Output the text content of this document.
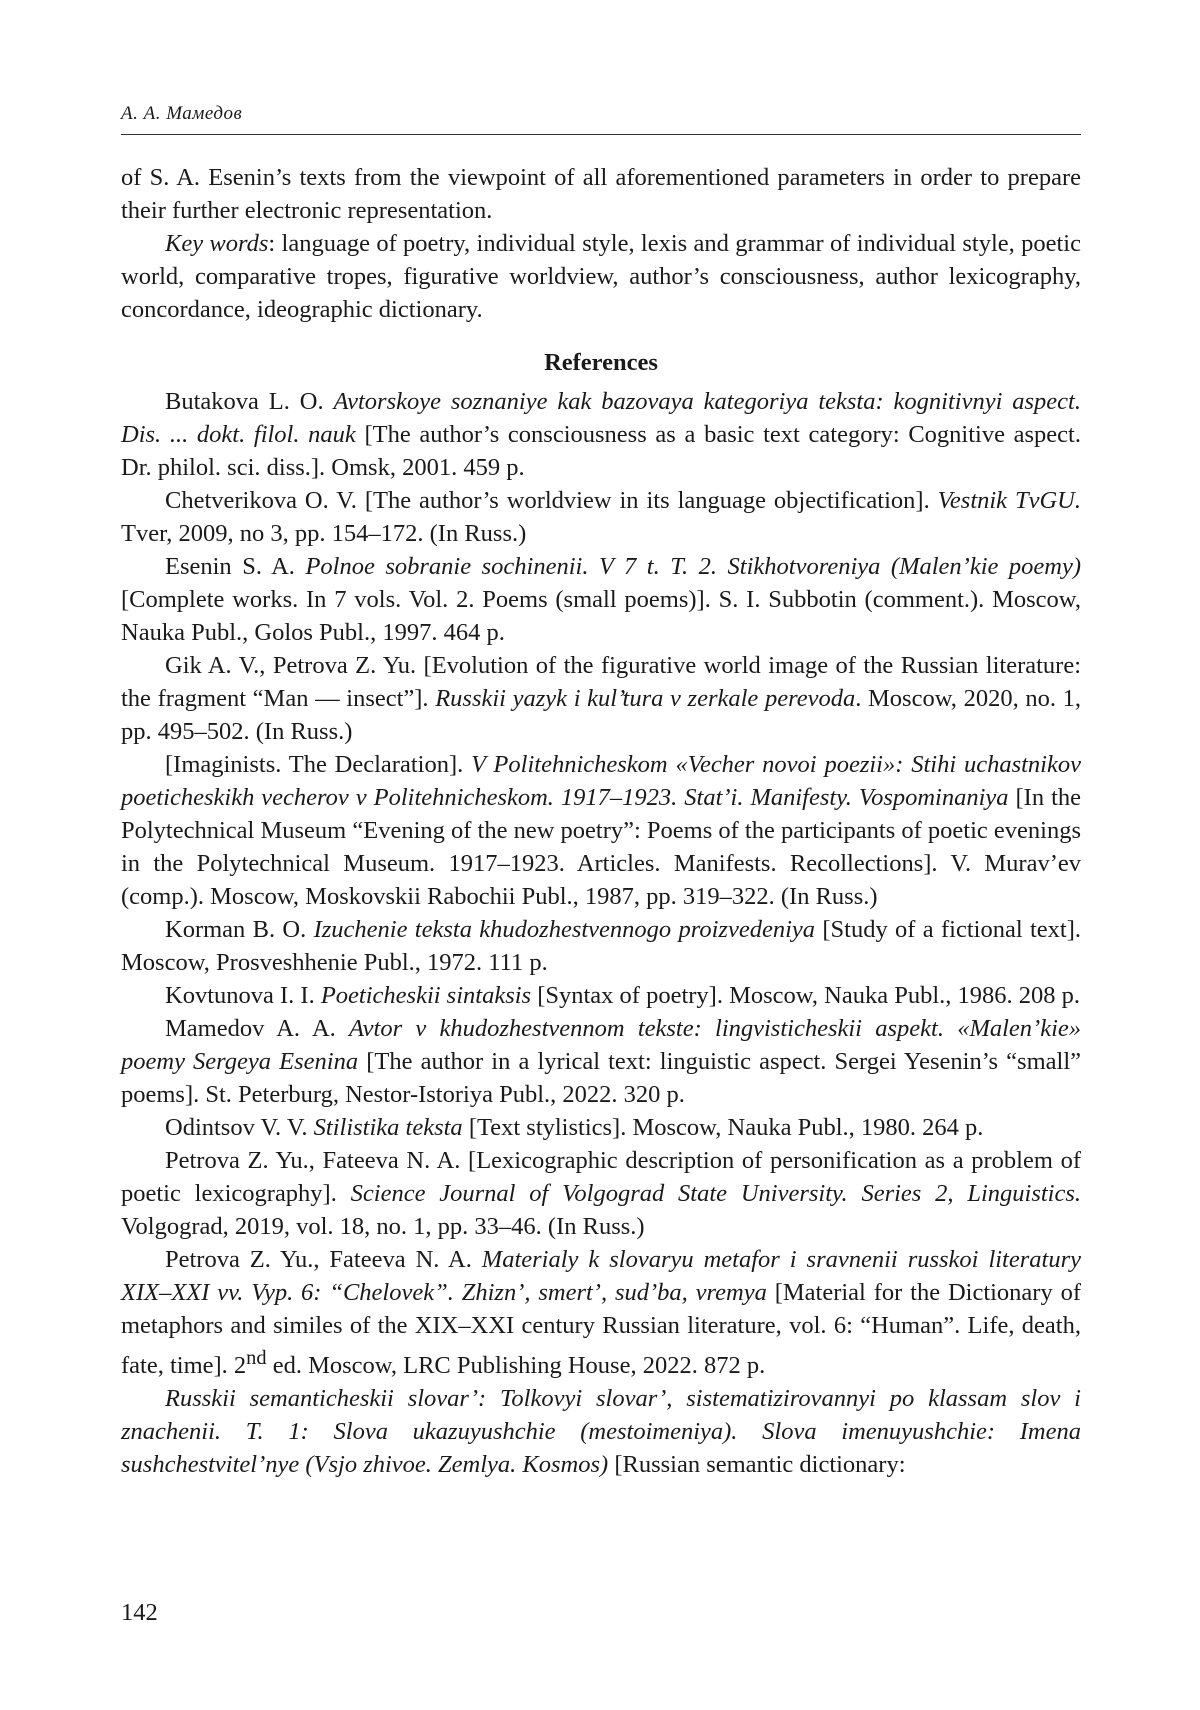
А. А. Мамедов

of S. A. Esenin’s texts from the viewpoint of all aforementioned parameters in order to prepare their further electronic representation.

Key words: language of poetry, individual style, lexis and grammar of individual style, poetic world, comparative tropes, figurative worldview, author’s consciousness, author lexicography, concordance, ideographic dictionary.

References

Butakova L. O. Avtorskoye soznaniye kak bazovaya kategoriya teksta: kognitivnyi aspect. Dis. ... dokt. filol. nauk [The author’s consciousness as a basic text category: Cognitive aspect. Dr. philol. sci. diss.]. Omsk, 2001. 459 p.

Chetverikova O. V. [The author’s worldview in its language objectification]. Vestnik TvGU. Tver, 2009, no 3, pp. 154–172. (In Russ.)

Esenin S. A. Polnoe sobranie sochinenii. V 7 t. T. 2. Stikhotvoreniya (Malen’kie poemy) [Complete works. In 7 vols. Vol. 2. Poems (small poems)]. S. I. Subbotin (comment.). Moscow, Nauka Publ., Golos Publ., 1997. 464 p.

Gik A. V., Petrova Z. Yu. [Evolution of the figurative world image of the Russian literature: the fragment “Man — insect”]. Russkii yazyk i kul’tura v zerkale perevoda. Moscow, 2020, no. 1, pp. 495–502. (In Russ.)

[Imaginists. The Declaration]. V Politehnicheskom «Vecher novoi poezii»: Stihi uchastnikov poeticheskikh vecherov v Politehnicheskom. 1917–1923. Stat’i. Manifesty. Vospominaniya [In the Polytechnical Museum “Evening of the new poetry”: Poems of the participants of poetic evenings in the Polytechnical Museum. 1917–1923. Articles. Manifests. Recollections]. V. Murav’ev (comp.). Moscow, Moskovskii Rabochii Publ., 1987, pp. 319–322. (In Russ.)

Korman B. O. Izuchenie teksta khudozhestvennogo proizvedeniya [Study of a fictional text]. Moscow, Prosveshhenie Publ., 1972. 111 p.

Kovtunova I. I. Poeticheskii sintaksis [Syntax of poetry]. Moscow, Nauka Publ., 1986. 208 p.

Mamedov A. A. Avtor v khudozhestvennom tekste: lingvisticheskii aspekt. «Malen’kie» poemy Sergeya Esenina [The author in a lyrical text: linguistic aspect. Sergei Yesenin’s “small” poems]. St. Peterburg, Nestor-Istoriya Publ., 2022. 320 p.

Odintsov V. V. Stilistika teksta [Text stylistics]. Moscow, Nauka Publ., 1980. 264 p.

Petrova Z. Yu., Fateeva N. A. [Lexicographic description of personification as a problem of poetic lexicography]. Science Journal of Volgograd State University. Series 2, Linguistics. Volgograd, 2019, vol. 18, no. 1, pp. 33–46. (In Russ.)

Petrova Z. Yu., Fateeva N. A. Materialy k slovaryu metafor i sravnenii russkoi literatury XIX–XXI vv. Vyp. 6: “Chelovek”. Zhizn’, smert’, sud’ba, vremya [Material for the Dictionary of metaphors and similes of the XIX–XXI century Russian literature, vol. 6: “Human”. Life, death, fate, time]. 2nd ed. Moscow, LRC Publishing House, 2022. 872 p.

Russkii semanticheskii slovar’: Tolkovyi slovar’, sistematizirovannyi po klassam slov i znachenii. T. 1: Slova ukazuyushchie (mestoimeniya). Slova imenuyushchie: Imena sushchestvitel’nye (Vsjo zhivoe. Zemlya. Kosmos) [Russian semantic dictionary:

142
